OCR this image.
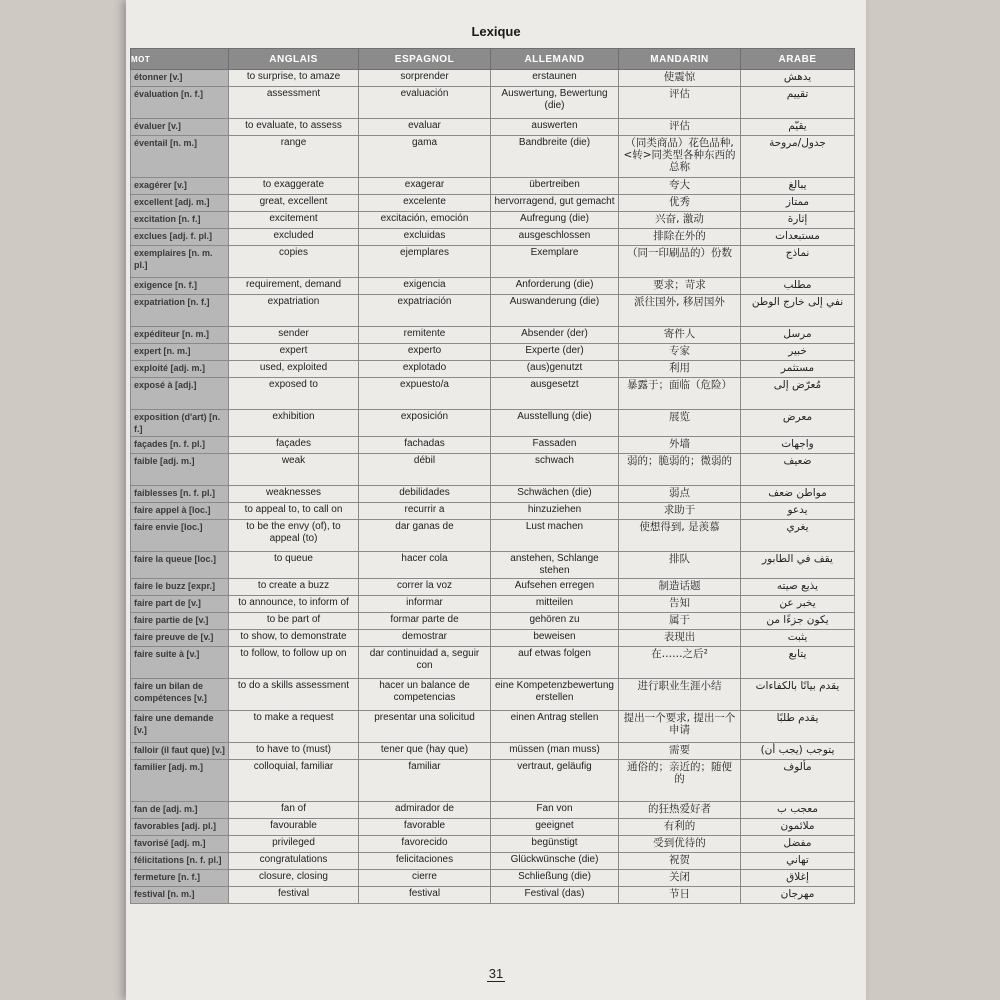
Lexique
MOT	ANGLAIS	ESPAGNOL	ALLEMAND	MANDARIN	ARABE
étonner [v.]	to surprise, to amaze	sorprender	erstaunen	使震惊	يدهش
évaluation [n. f.]	assessment	evaluación	Auswertung, Bewertung (die)	评估	تقييم
évaluer [v.]	to evaluate, to assess	evaluar	auswerten	评估	يقيّم
éventail [n. m.]	range	gama	Bandbreite (die)	（同类商品）花色品种,<转>同类型各种东西的总称	جدول/مروحة
exagérer [v.]	to exaggerate	exagerar	übertreiben	夸大	يبالغ
excellent [adj. m.]	great, excellent	excelente	hervorragend, gut gemacht	优秀	ممتاز
excitation [n. f.]	excitement	excitación, emoción	Aufregung (die)	兴奋, 激动	إثارة
exclues [adj. f. pl.]	excluded	excluidas	ausgeschlossen	排除在外的	مستبعدات
exemplaires [n. m. pl.]	copies	ejemplares	Exemplare	（同一印刷品的）份数	نماذج
exigence [n. f.]	requirement, demand	exigencia	Anforderung (die)	要求；苛求	مطلب
expatriation [n. f.]	expatriation	expatriación	Auswanderung (die)	派往国外, 移居国外	نفي إلى خارج الوطن
expéditeur [n. m.]	sender	remitente	Absender (der)	寄件人	مرسل
expert [n. m.]	expert	experto	Experte (der)	专家	خبير
exploité [adj. m.]	used, exploited	explotado	(aus)genutzt	利用	مستثمر
exposé à [adj.]	exposed to	expuesto/a	ausgesetzt	暴露于；面临（危险）	مُعرّض إلى
exposition (d'art) [n. f.]	exhibition	exposición	Ausstellung (die)	展览	معرض
façades [n. f. pl.]	façades	fachadas	Fassaden	外墙	واجهات
faible [adj. m.]	weak	débil	schwach	弱的；脆弱的；微弱的	ضعيف
faiblesses [n. f. pl.]	weaknesses	debilidades	Schwächen (die)	弱点	مواطن ضعف
faire appel à [loc.]	to appeal to, to call on	recurrir a	hinzuziehen	求助于	يدعو
faire envie [loc.]	to be the envy (of), to appeal (to)	dar ganas de	Lust machen	使想得到, 是羡慕	يغري
faire la queue [loc.]	to queue	hacer cola	anstehen, Schlange stehen	排队	يقف في الطابور
faire le buzz [expr.]	to create a buzz	correr la voz	Aufsehen erregen	制造话题	يذيع صيته
faire part de [v.]	to announce, to inform of	informar	mitteilen	告知	يخبر عن
faire partie de [v.]	to be part of	formar parte de	gehören zu	属于	يكون جزءًا من
faire preuve de [v.]	to show, to demonstrate	demostrar	beweisen	表现出	يثبت
faire suite à [v.]	to follow, to follow up on	dar continuidad a, seguir con	auf etwas folgen	在……之后²	يتابع
faire un bilan de compétences [v.]	to do a skills assessment	hacer un balance de competencias	eine Kompetenzbewertung erstellen	进行职业生涯小结	يقدم بيانًا بالكفاءات
faire une demande [v.]	to make a request	presentar una solicitud	einen Antrag stellen	提出一个要求, 提出一个申请	يقدم طلبًا
falloir (il faut que) [v.]	to have to (must)	tener que (hay que)	müssen (man muss)	需要	يتوجب (يجب أن)
familier [adj. m.]	colloquial, familiar	familiar	vertraut, geläufig	通俗的；亲近的；随便的	مألوف
fan de [adj. m.]	fan of	admirador de	Fan von	的狂热爱好者	معجب ب
favorables [adj. pl.]	favourable	favorable	geeignet	有利的	ملائمون
favorisé [adj. m.]	privileged	favorecido	begünstigt	受到优待的	مفضل
félicitations [n. f. pl.]	congratulations	felicitaciones	Glückwünsche (die)	祝贺	تهاني
fermeture [n. f.]	closure, closing	cierre	Schließung (die)	关闭	إغلاق
festival [n. m.]	festival	festival	Festival (das)	节日	مهرجان
31
